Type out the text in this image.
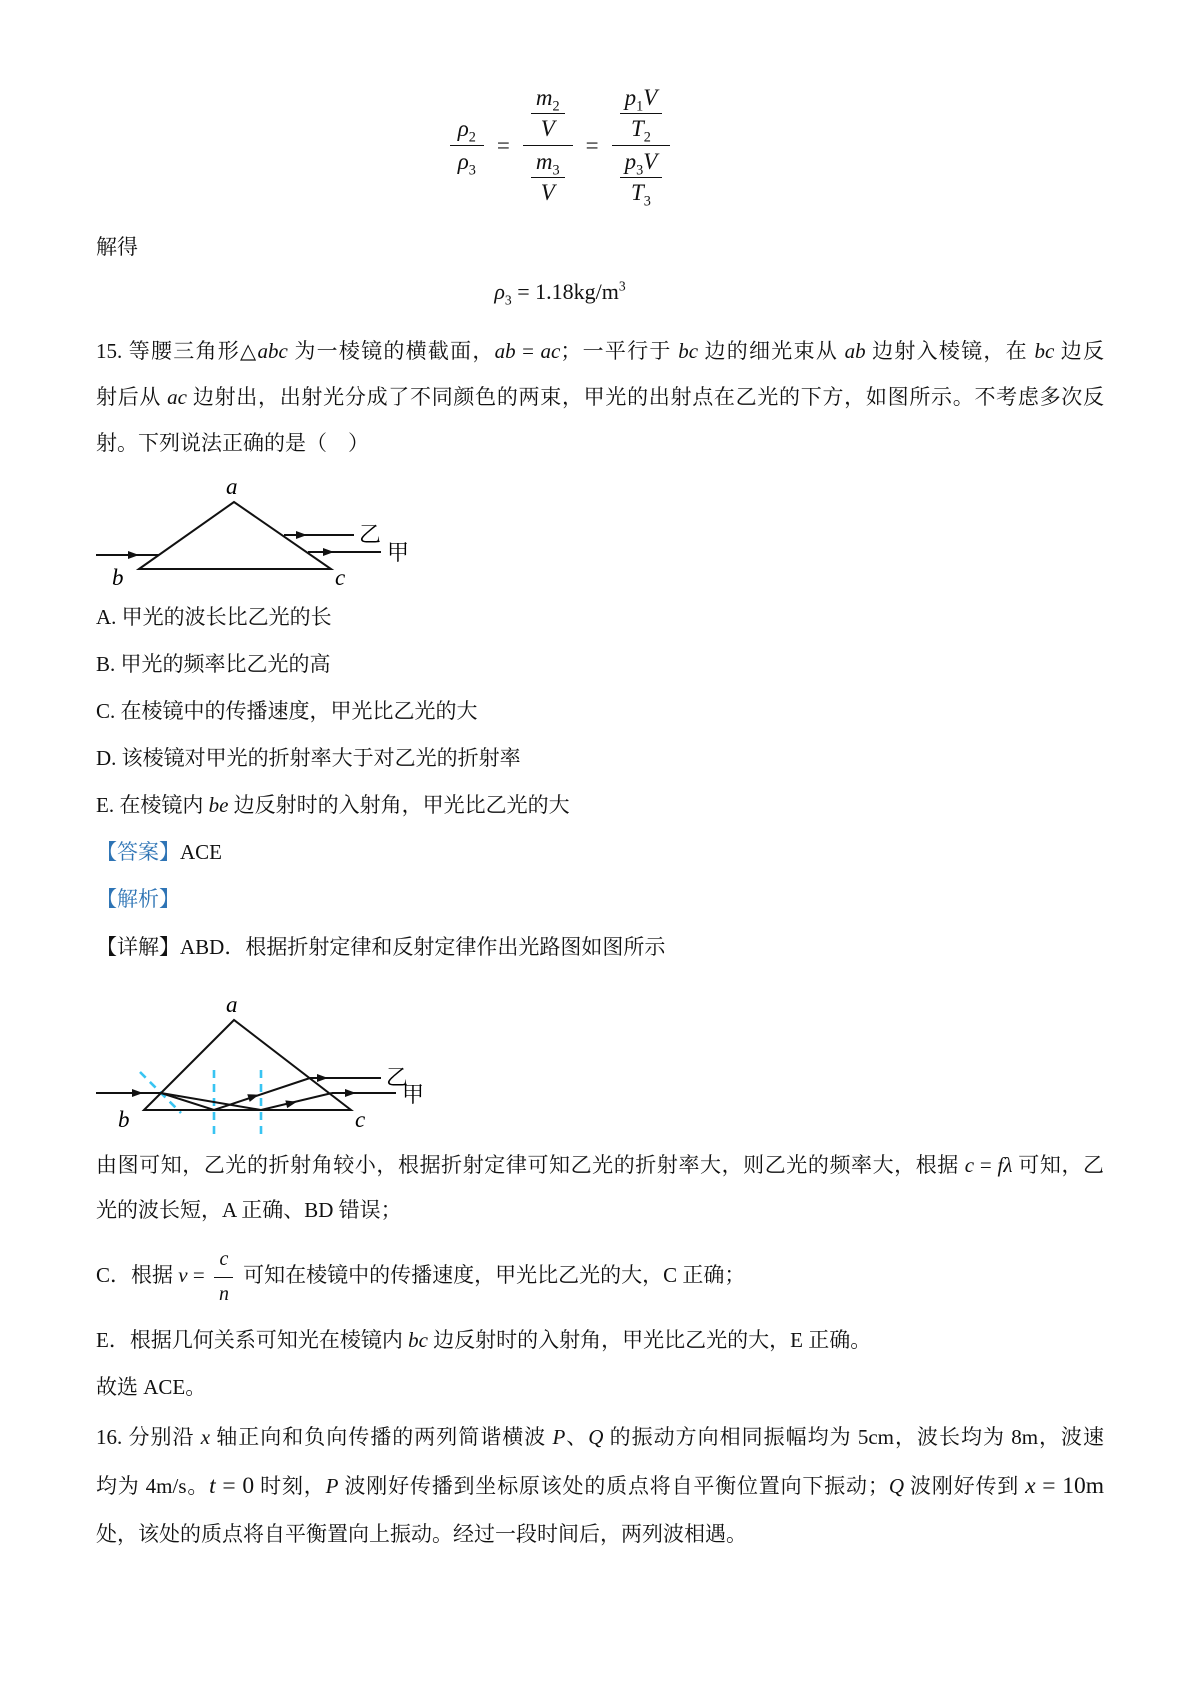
$\frac{\rho_2}{\rho_3} = \frac{\frac{m_2}{V}}{\frac{m_3}{V}} = \frac{\frac{p_1V}{T_2}}{\frac{p_3V}{T_3}}$
解得
$\rho_3 = 1.18kg/m^3$
15. 等腰三角形△abc 为一棱镜的横截面，ab = ac；一平行于 bc 边的细光束从 ab 边射入棱镜，在 bc 边反
射后从 ac 边射出，出射光分成了不同颜色的两束，甲光的出射点在乙光的下方，如图所示。不考虑多次反
射。下列说法正确的是（　）
a
b	c
乙
甲
A. 甲光的波长比乙光的长
B. 甲光的频率比乙光的高
C. 在棱镜中的传播速度，甲光比乙光的大
D. 该棱镜对甲光的折射率大于对乙光的折射率
E. 在棱镜内 be 边反射时的入射角，甲光比乙光的大
【答案】ACE
【解析】
【详解】ABD．根据折射定律和反射定律作出光路图如图所示
a
b	c
乙
甲
由图可知，乙光的折射角较小，根据折射定律可知乙光的折射率大，则乙光的频率大，根据 c = fλ 可知，乙
光的波长短，A 正确、BD 错误；
C．根据 $v = \frac{c}{n}$ 可知在棱镜中的传播速度，甲光比乙光的大，C 正确；
E．根据几何关系可知光在棱镜内 bc 边反射时的入射角，甲光比乙光的大，E 正确。
故选 ACE。
16. 分别沿 x 轴正向和负向传播的两列简谐横波 P、Q 的振动方向相同振幅均为 5cm，波长均为 8m，波速
均为 4m/s。t = 0 时刻，P 波刚好传播到坐标原该处的质点将自平衡位置向下振动；Q 波刚好传到 x = 10m
处，该处的质点将自平衡置向上振动。经过一段时间后，两列波相遇。
